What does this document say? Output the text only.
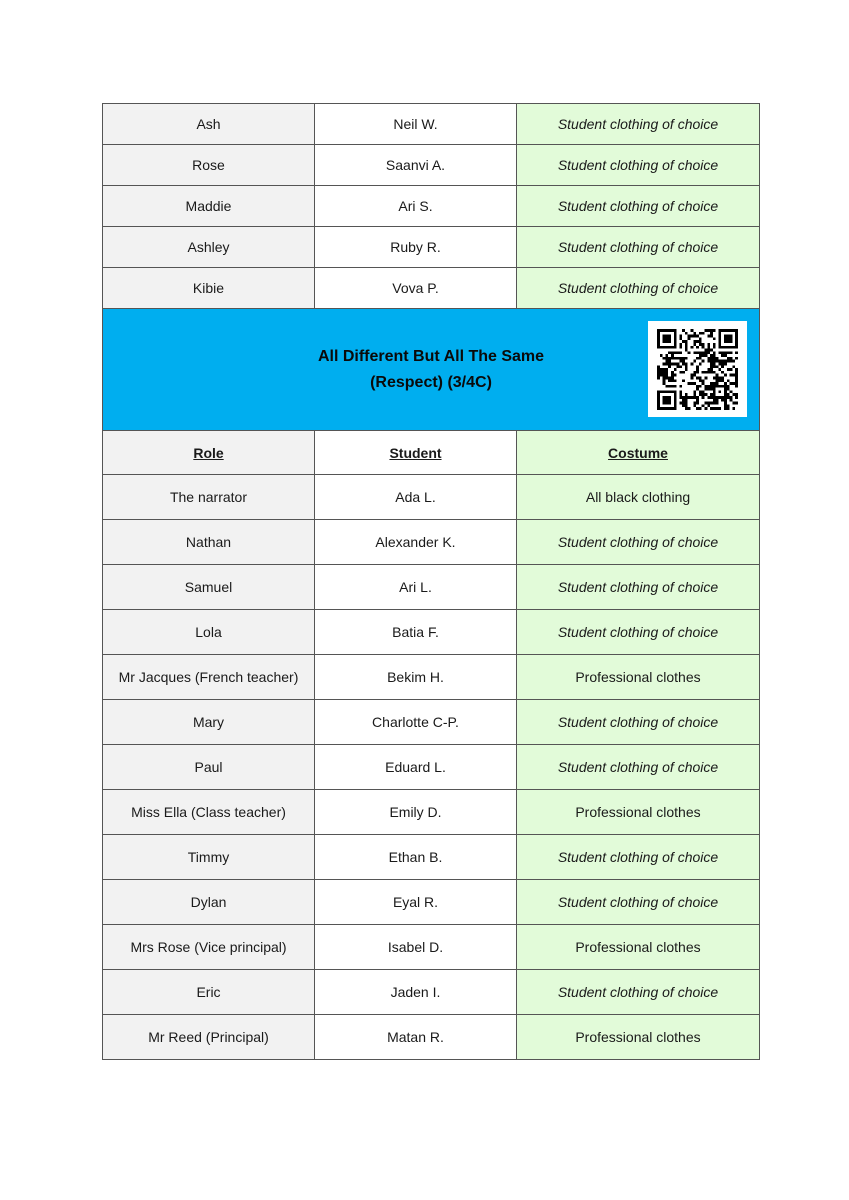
Ash	Neil W.	Student clothing of choice
Rose	Saanvi A.	Student clothing of choice
Maddie	Ari S.	Student clothing of choice
Ashley	Ruby R.	Student clothing of choice
Kibie	Vova P.	Student clothing of choice

All Different But All The Same
(Respect) (3/4C)		

Role	Student	Costume
The narrator	Ada L.	All black clothing
Nathan	Alexander K.	Student clothing of choice
Samuel	Ari L.	Student clothing of choice
Lola	Batia F.	Student clothing of choice
Mr Jacques (French teacher)	Bekim H.	Professional clothes
Mary	Charlotte C-P.	Student clothing of choice
Paul	Eduard L.	Student clothing of choice
Miss Ella (Class teacher)	Emily D.	Professional clothes
Timmy	Ethan B.	Student clothing of choice
Dylan	Eyal R.	Student clothing of choice
Mrs Rose (Vice principal)	Isabel D.	Professional clothes
Eric	Jaden I.	Student clothing of choice
Mr Reed (Principal)	Matan R.	Professional clothes
